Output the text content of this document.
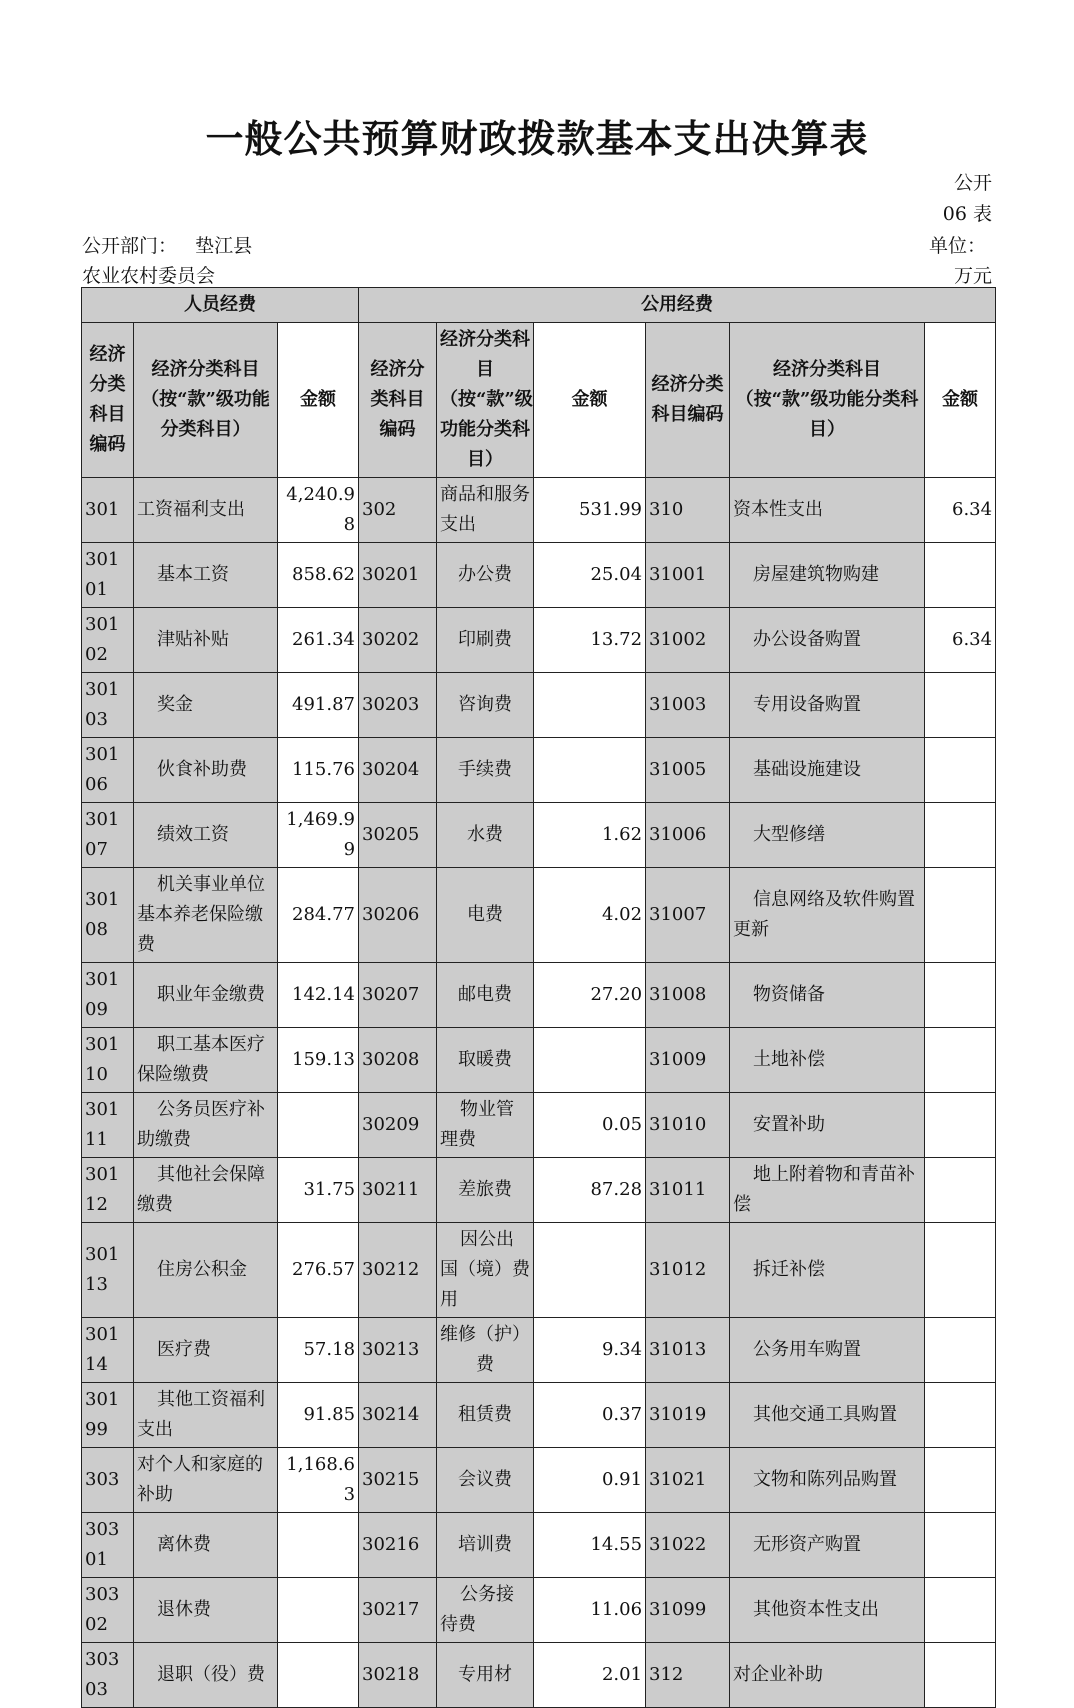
一般公共预算财政拨款基本支出决算表
公开
06 表
公开部门： 垫江县
农业农村委员会
单位：
万元
人员经费			公用经费					
经济分类科目编码	经济分类科目（按“款”级功能分类科目）	金额	经济分类科目编码	经济分类科目（按“款”级功能分类科目）	金额	经济分类科目编码	经济分类科目（按“款”级功能分类科目）	金额
301	工资福利支出	4,240.98	302	商品和服务支出	531.99	310	资本性支出	6.34
30101	基本工资	858.62	30201	办公费	25.04	31001	房屋建筑物购建	
30102	津贴补贴	261.34	30202	印刷费	13.72	31002	办公设备购置	6.34
30103	奖金	491.87	30203	咨询费		31003	专用设备购置	
30106	伙食补助费	115.76	30204	手续费		31005	基础设施建设	
30107	绩效工资	1,469.99	30205	水费	1.62	31006	大型修缮	
30108	机关事业单位基本养老保险缴费	284.77	30206	电费	4.02	31007	信息网络及软件购置更新	
30109	职业年金缴费	142.14	30207	邮电费	27.20	31008	物资储备	
30110	职工基本医疗保险缴费	159.13	30208	取暖费		31009	土地补偿	
30111	公务员医疗补助缴费		30209	物业管理费	0.05	31010	安置补助	
30112	其他社会保障缴费	31.75	30211	差旅费	87.28	31011	地上附着物和青苗补偿	
30113	住房公积金	276.57	30212	因公出国（境）费用		31012	拆迁补偿	
30114	医疗费	57.18	30213	维修（护）费	9.34	31013	公务用车购置	
30199	其他工资福利支出	91.85	30214	租赁费	0.37	31019	其他交通工具购置	
303	对个人和家庭的补助	1,168.63	30215	会议费	0.91	31021	文物和陈列品购置	
30301	离休费		30216	培训费	14.55	31022	无形资产购置	
30302	退休费		30217	公务接待费	11.06	31099	其他资本性支出	
30303	退职（役）费		30218	专用材	2.01	312	对企业补助	
